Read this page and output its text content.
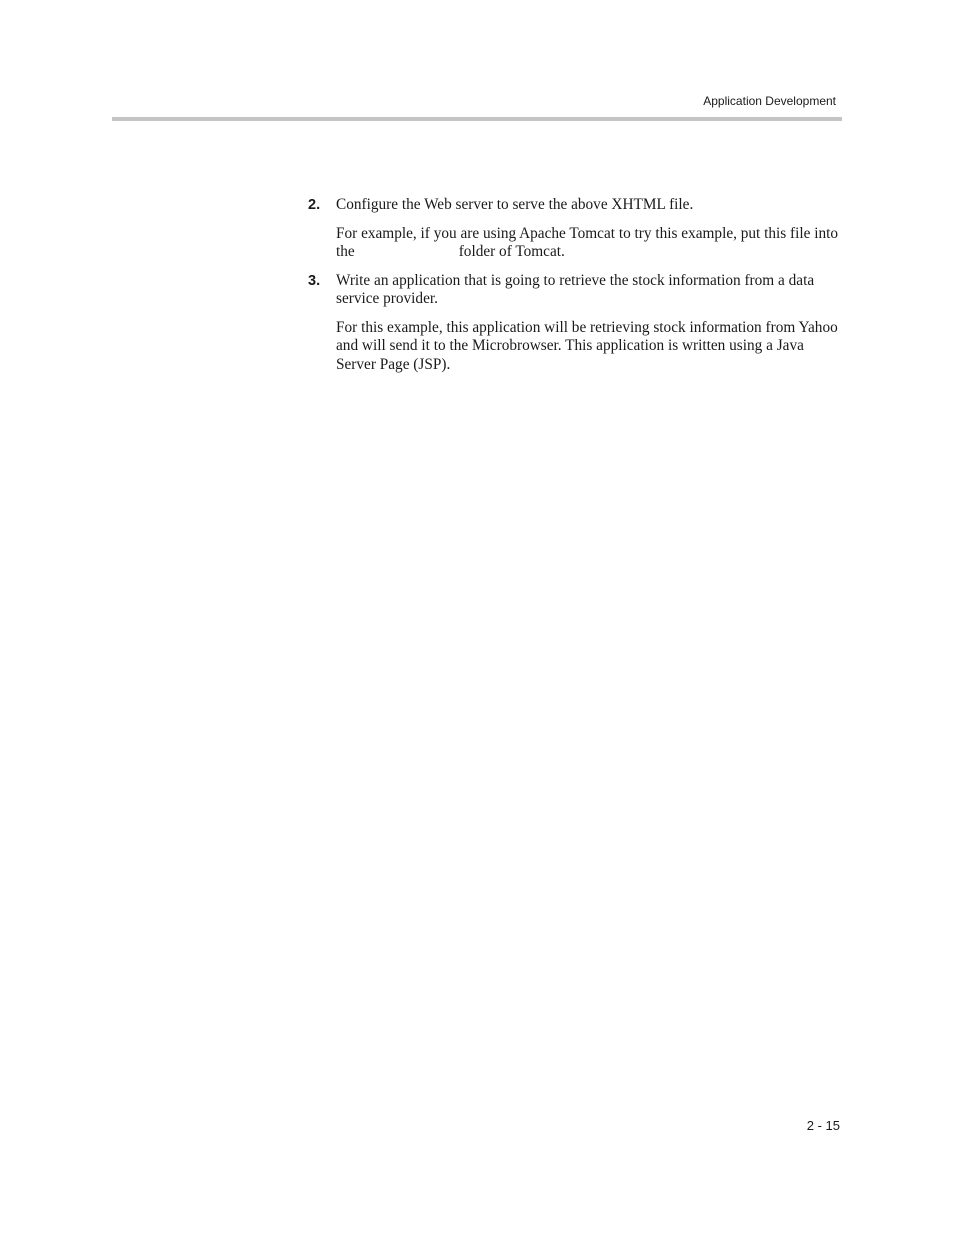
Application Development
2. Configure the Web server to serve the above XHTML file.

For example, if you are using Apache Tomcat to try this example, put this file into the	folder of Tomcat.

3. Write an application that is going to retrieve the stock information from a data service provider.

For this example, this application will be retrieving stock information from Yahoo and will send it to the Microbrowser. This application is written using a Java Server Page (JSP).

2 - 15
